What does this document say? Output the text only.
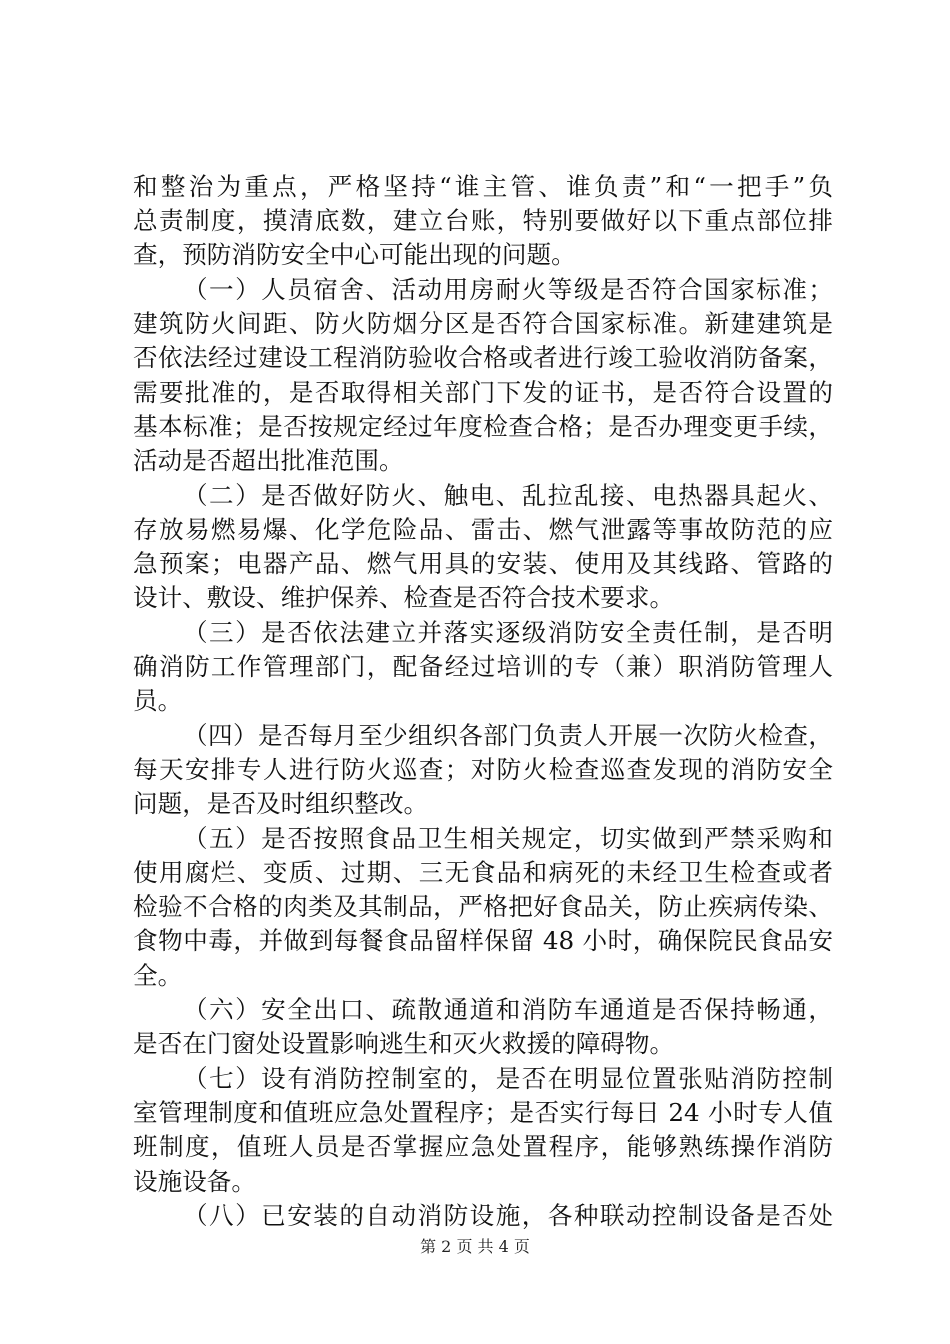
和整治为重点，严格坚持“谁主管、谁负责”和“一把手”负
总责制度，摸清底数，建立台账，特别要做好以下重点部位排
查，预防消防安全中心可能出现的问题。
（一）人员宿舍、活动用房耐火等级是否符合国家标准；
建筑防火间距、防火防烟分区是否符合国家标准。新建建筑是
否依法经过建设工程消防验收合格或者进行竣工验收消防备案，
需要批准的，是否取得相关部门下发的证书，是否符合设置的
基本标准；是否按规定经过年度检查合格；是否办理变更手续，
活动是否超出批准范围。
（二）是否做好防火、触电、乱拉乱接、电热器具起火、
存放易燃易爆、化学危险品、雷击、燃气泄露等事故防范的应
急预案；电器产品、燃气用具的安装、使用及其线路、管路的
设计、敷设、维护保养、检查是否符合技术要求。
（三）是否依法建立并落实逐级消防安全责任制，是否明
确消防工作管理部门，配备经过培训的专（兼）职消防管理人
员。
（四）是否每月至少组织各部门负责人开展一次防火检查，
每天安排专人进行防火巡查；对防火检查巡查发现的消防安全
问题，是否及时组织整改。
（五）是否按照食品卫生相关规定，切实做到严禁采购和
使用腐烂、变质、过期、三无食品和病死的未经卫生检查或者
检验不合格的肉类及其制品，严格把好食品关，防止疾病传染、
食物中毒，并做到每餐食品留样保留 48 小时，确保院民食品安
全。
（六）安全出口、疏散通道和消防车通道是否保持畅通，
是否在门窗处设置影响逃生和灭火救援的障碍物。
（七）设有消防控制室的，是否在明显位置张贴消防控制
室管理制度和值班应急处置程序；是否实行每日 24 小时专人值
班制度，值班人员是否掌握应急处置程序，能够熟练操作消防
设施设备。
（八）已安装的自动消防设施，各种联动控制设备是否处
第 2 页 共 4 页
